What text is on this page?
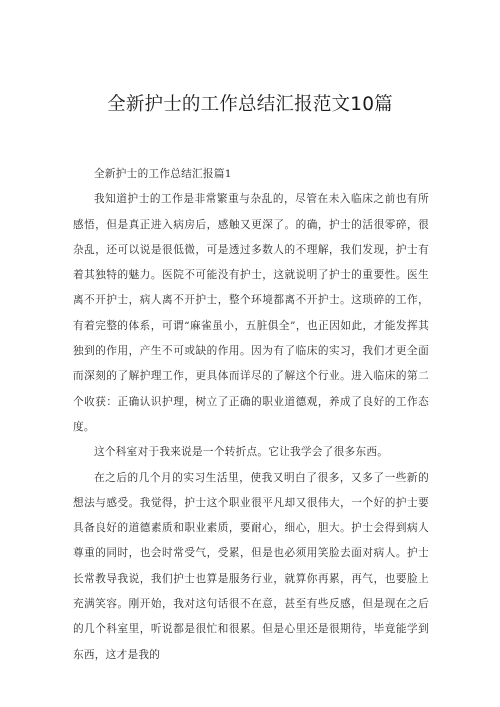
全新护士的工作总结汇报范文10篇

全新护士的工作总结汇报篇1

我知道护士的工作是非常繁重与杂乱的，尽管在未入临床之前也有所感悟，但是真正进入病房后，感触又更深了。的确，护士的活很零碎，很杂乱，还可以说是很低微，可是透过多数人的不理解，我们发现，护士有着其独特的魅力。医院不可能没有护士，这就说明了护士的重要性。医生离不开护士，病人离不开护士，整个环境都离不开护士。这琐碎的工作，有着完整的体系，可谓“麻雀虽小，五脏俱全”，也正因如此，才能发挥其独到的作用，产生不可或缺的作用。因为有了临床的实习，我们才更全面而深刻的了解护理工作，更具体而详尽的了解这个行业。进入临床的第二个收获：正确认识护理，树立了正确的职业道德观，养成了良好的工作态度。

这个科室对于我来说是一个转折点。它让我学会了很多东西。

在之后的几个月的实习生活里，使我又明白了很多，又多了一些新的想法与感受。我觉得，护士这个职业很平凡却又很伟大，一个好的护士要具备良好的道德素质和职业素质，要耐心，细心，胆大。护士会得到病人尊重的同时，也会时常受气，受累，但是也必须用笑脸去面对病人。护士长常教导我说，我们护士也算是服务行业，就算你再累，再气，也要脸上充满笑容。刚开始，我对这句话很不在意，甚至有些反感，但是现在之后的几个科室里，听说都是很忙和很累。但是心里还是很期待，毕竟能学到东西，这才是我的
